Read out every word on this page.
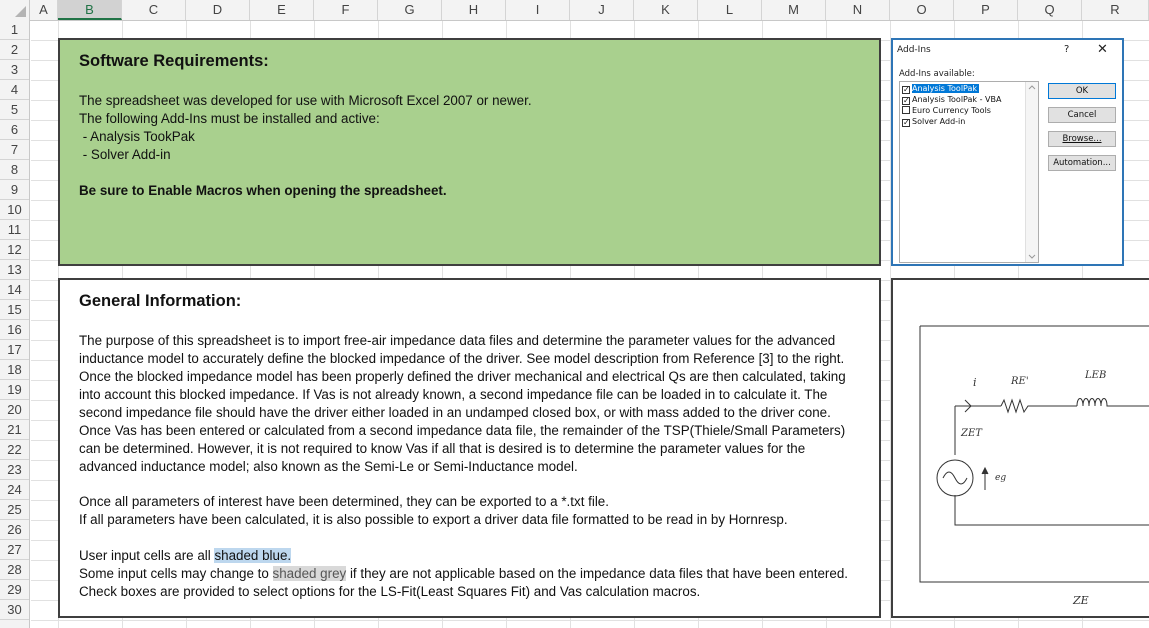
A	B	C	D	E	F	G	H	I	J	K	L	M	N	O	P	Q	R
1
2
3
4
5
6
7
8
9
10
11
12
13
14
15
16
17
18
19
20
21
22
23
24
25
26
27
28
29
30
Software Requirements:
The spreadsheet was developed for use with Microsoft Excel 2007 or newer.
The following Add-Ins must be installed and active:
- Analysis TookPak
- Solver Add-in
Be sure to Enable Macros when opening the spreadsheet.
Add-Ins	? ✕
Add-Ins available:
✓ Analysis ToolPak
✓ Analysis ToolPak - VBA
Euro Currency Tools
✓ Solver Add-in
OK
Cancel
Browse...
Automation...
General Information:
The purpose of this spreadsheet is to import free-air impedance data files and determine the parameter values for the advanced
inductance model to accurately define the blocked impedance of the driver. See model description from Reference [3] to the right.
Once the blocked impedance model has been properly defined the driver mechanical and electrical Qs are then calculated, taking
into account this blocked impedance. If Vas is not already known, a second impedance file can be loaded in to calculate it. The
second impedance file should have the driver either loaded in an undamped closed box, or with mass added to the driver cone.
Once Vas has been entered or calculated from a second impedance data file, the remainder of the TSP(Thiele/Small Parameters)
can be determined. However, it is not required to know Vas if all that is desired is to determine the parameter values for the
advanced inductance model; also known as the Semi-Le or Semi-Inductance model.
Once all parameters of interest have been determined, they can be exported to a *.txt file.
If all parameters have been calculated, it is also possible to export a driver data file formatted to be read in by Hornresp.
User input cells are all shaded blue.
Some input cells may change to shaded grey if they are not applicable based on the impedance data files that have been entered.
Check boxes are provided to select options for the LS-Fit(Least Squares Fit) and Vas calculation macros.
i	RE'
LEB
ZET
eg
ZE
